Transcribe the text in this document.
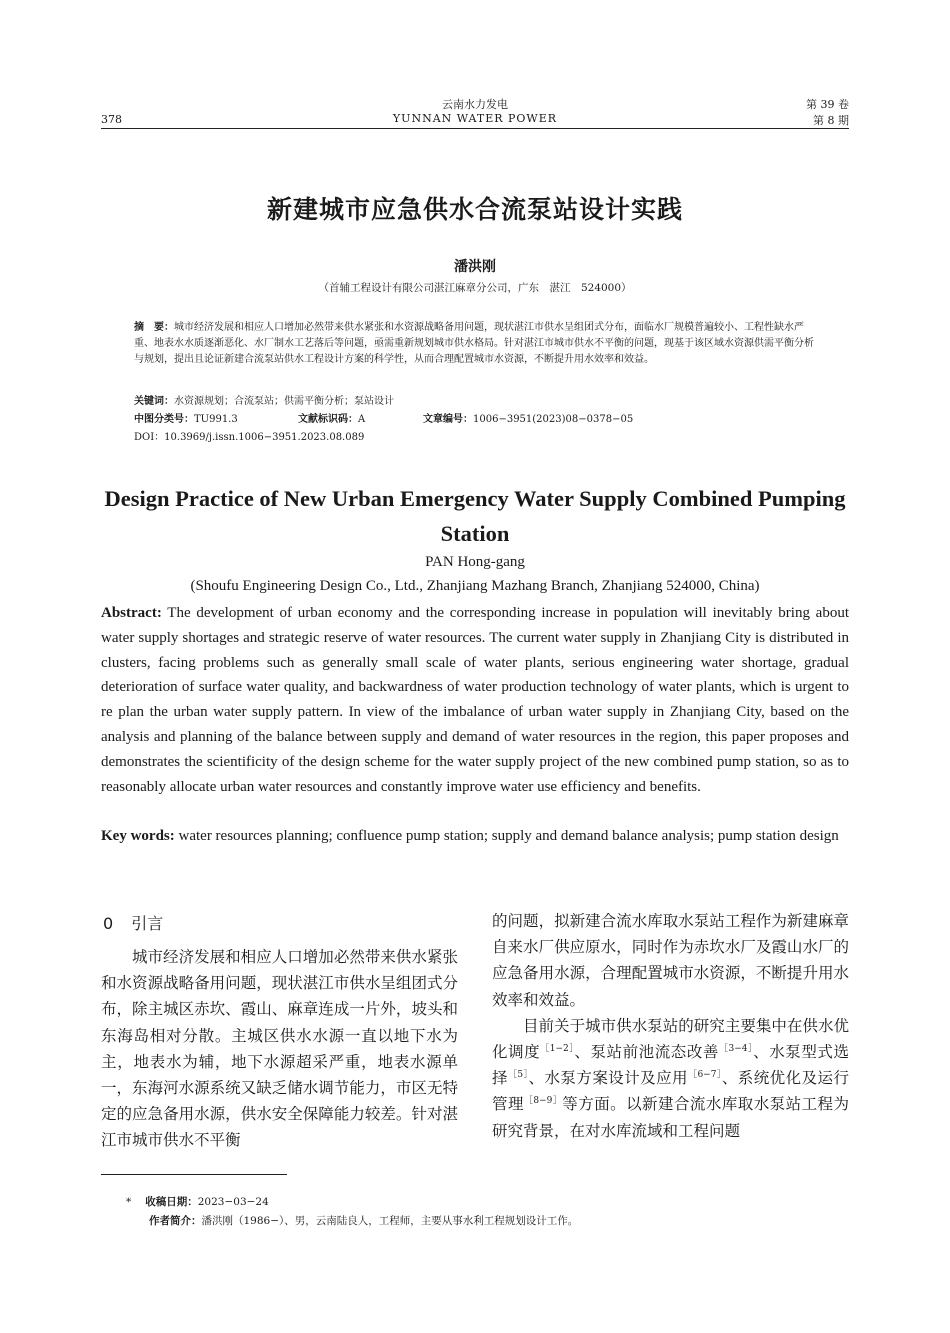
378
云南水力发电
YUNNAN WATER POWER
第 39 卷
第 8 期
新建城市应急供水合流泵站设计实践
潘洪刚
（首辅工程设计有限公司湛江麻章分公司，广东　湛江　524000）
摘　要：城市经济发展和相应人口增加必然带来供水紧张和水资源战略备用问题，现状湛江市供水呈组团式分布，面临水厂规模普遍较小、工程性缺水严重、地表水水质逐渐恶化、水厂制水工艺落后等问题，亟需重新规划城市供水格局。针对湛江市城市供水不平衡的问题，现基于该区域水资源供需平衡分析与规划，提出且论证新建合流泵站供水工程设计方案的科学性，从而合理配置城市水资源，不断提升用水效率和效益。
关键词：水资源规划；合流泵站；供需平衡分析；泵站设计
中图分类号：TU991.3	文献标识码：A	文章编号：1006−3951(2023)08−0378−05
DOI：10.3969/j.issn.1006−3951.2023.08.089
Design Practice of New Urban Emergency Water Supply Combined Pumping Station
PAN Hong-gang
(Shoufu Engineering Design Co., Ltd., Zhanjiang Mazhang Branch, Zhanjiang 524000, China)
Abstract: The development of urban economy and the corresponding increase in population will inevitably bring about water supply shortages and strategic reserve of water resources. The current water supply in Zhanjiang City is distributed in clusters, facing problems such as generally small scale of water plants, serious engineering water shortage, gradual deterioration of surface water quality, and backwardness of water production technology of water plants, which is urgent to re plan the urban water supply pattern. In view of the imbalance of urban water supply in Zhanjiang City, based on the analysis and planning of the balance between supply and demand of water resources in the region, this paper proposes and demonstrates the scientificity of the design scheme for the water supply project of the new combined pump station, so as to reasonably allocate urban water resources and constantly improve water use efficiency and benefits.
Key words: water resources planning; confluence pump station; supply and demand balance analysis; pump station design
0 引言

城市经济发展和相应人口增加必然带来供水紧张和水资源战略备用问题，现状湛江市供水呈组团式分布，除主城区赤坎、霞山、麻章连成一片外，坡头和东海岛相对分散。主城区供水水源一直以地下水为主，地表水为辅，地下水源超采严重，地表水源单一，东海河水源系统又缺乏储水调节能力，市区无特定的应急备用水源，供水安全保障能力较差。针对湛江市城市供水不平衡

的问题，拟新建合流水库取水泵站工程作为新建麻章自来水厂供应原水，同时作为赤坎水厂及霞山水厂的应急备用水源，合理配置城市水资源，不断提升用水效率和效益。

目前关于城市供水泵站的研究主要集中在供水优化调度$^{[1-2]}$、泵站前池流态改善$^{[3-4]}$、水泵型式选择$^{[5]}$、水泵方案设计及应用$^{[6-7]}$、系统优化及运行管理$^{[8-9]}$等方面。以新建合流水库取水泵站工程为研究背景，在对水库流域和工程问题

* 收稿日期：2023−03−24
作者简介：潘洪刚（1986−）、男，云南陆良人，工程师，主要从事水利工程规划设计工作。
